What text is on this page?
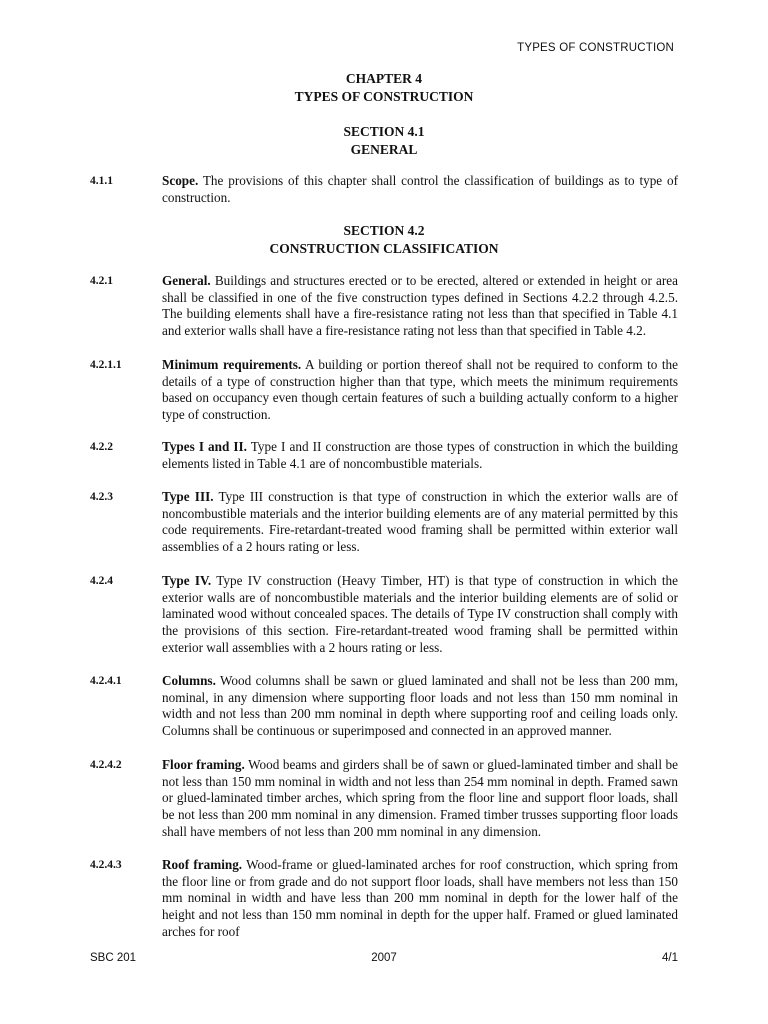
TYPES OF CONSTRUCTION
CHAPTER 4
TYPES OF CONSTRUCTION
SECTION 4.1
GENERAL
4.1.1	Scope. The provisions of this chapter shall control the classification of buildings as to type of construction.
SECTION 4.2
CONSTRUCTION CLASSIFICATION
4.2.1	General. Buildings and structures erected or to be erected, altered or extended in height or area shall be classified in one of the five construction types defined in Sections 4.2.2 through 4.2.5. The building elements shall have a fire-resistance rating not less than that specified in Table 4.1 and exterior walls shall have a fire-resistance rating not less than that specified in Table 4.2.
4.2.1.1	Minimum requirements. A building or portion thereof shall not be required to conform to the details of a type of construction higher than that type, which meets the minimum requirements based on occupancy even though certain features of such a building actually conform to a higher type of construction.
4.2.2	Types I and II. Type I and II construction are those types of construction in which the building elements listed in Table 4.1 are of noncombustible materials.
4.2.3	Type III. Type III construction is that type of construction in which the exterior walls are of noncombustible materials and the interior building elements are of any material permitted by this code requirements. Fire-retardant-treated wood framing shall be permitted within exterior wall assemblies of a 2 hours rating or less.
4.2.4	Type IV. Type IV construction (Heavy Timber, HT) is that type of construction in which the exterior walls are of noncombustible materials and the interior building elements are of solid or laminated wood without concealed spaces. The details of Type IV construction shall comply with the provisions of this section. Fire-retardant-treated wood framing shall be permitted within exterior wall assemblies with a 2 hours rating or less.
4.2.4.1	Columns. Wood columns shall be sawn or glued laminated and shall not be less than 200 mm, nominal, in any dimension where supporting floor loads and not less than 150 mm nominal in width and not less than 200 mm nominal in depth where supporting roof and ceiling loads only. Columns shall be continuous or superimposed and connected in an approved manner.
4.2.4.2	Floor framing. Wood beams and girders shall be of sawn or glued-laminated timber and shall be not less than 150 mm nominal in width and not less than 254 mm nominal in depth. Framed sawn or glued-laminated timber arches, which spring from the floor line and support floor loads, shall be not less than 200 mm nominal in any dimension. Framed timber trusses supporting floor loads shall have members of not less than 200 mm nominal in any dimension.
4.2.4.3	Roof framing. Wood-frame or glued-laminated arches for roof construction, which spring from the floor line or from grade and do not support floor loads, shall have members not less than 150 mm nominal in width and have less than 200 mm nominal in depth for the lower half of the height and not less than 150 mm nominal in depth for the upper half. Framed or glued laminated arches for roof
SBC 201	2007	4/1
